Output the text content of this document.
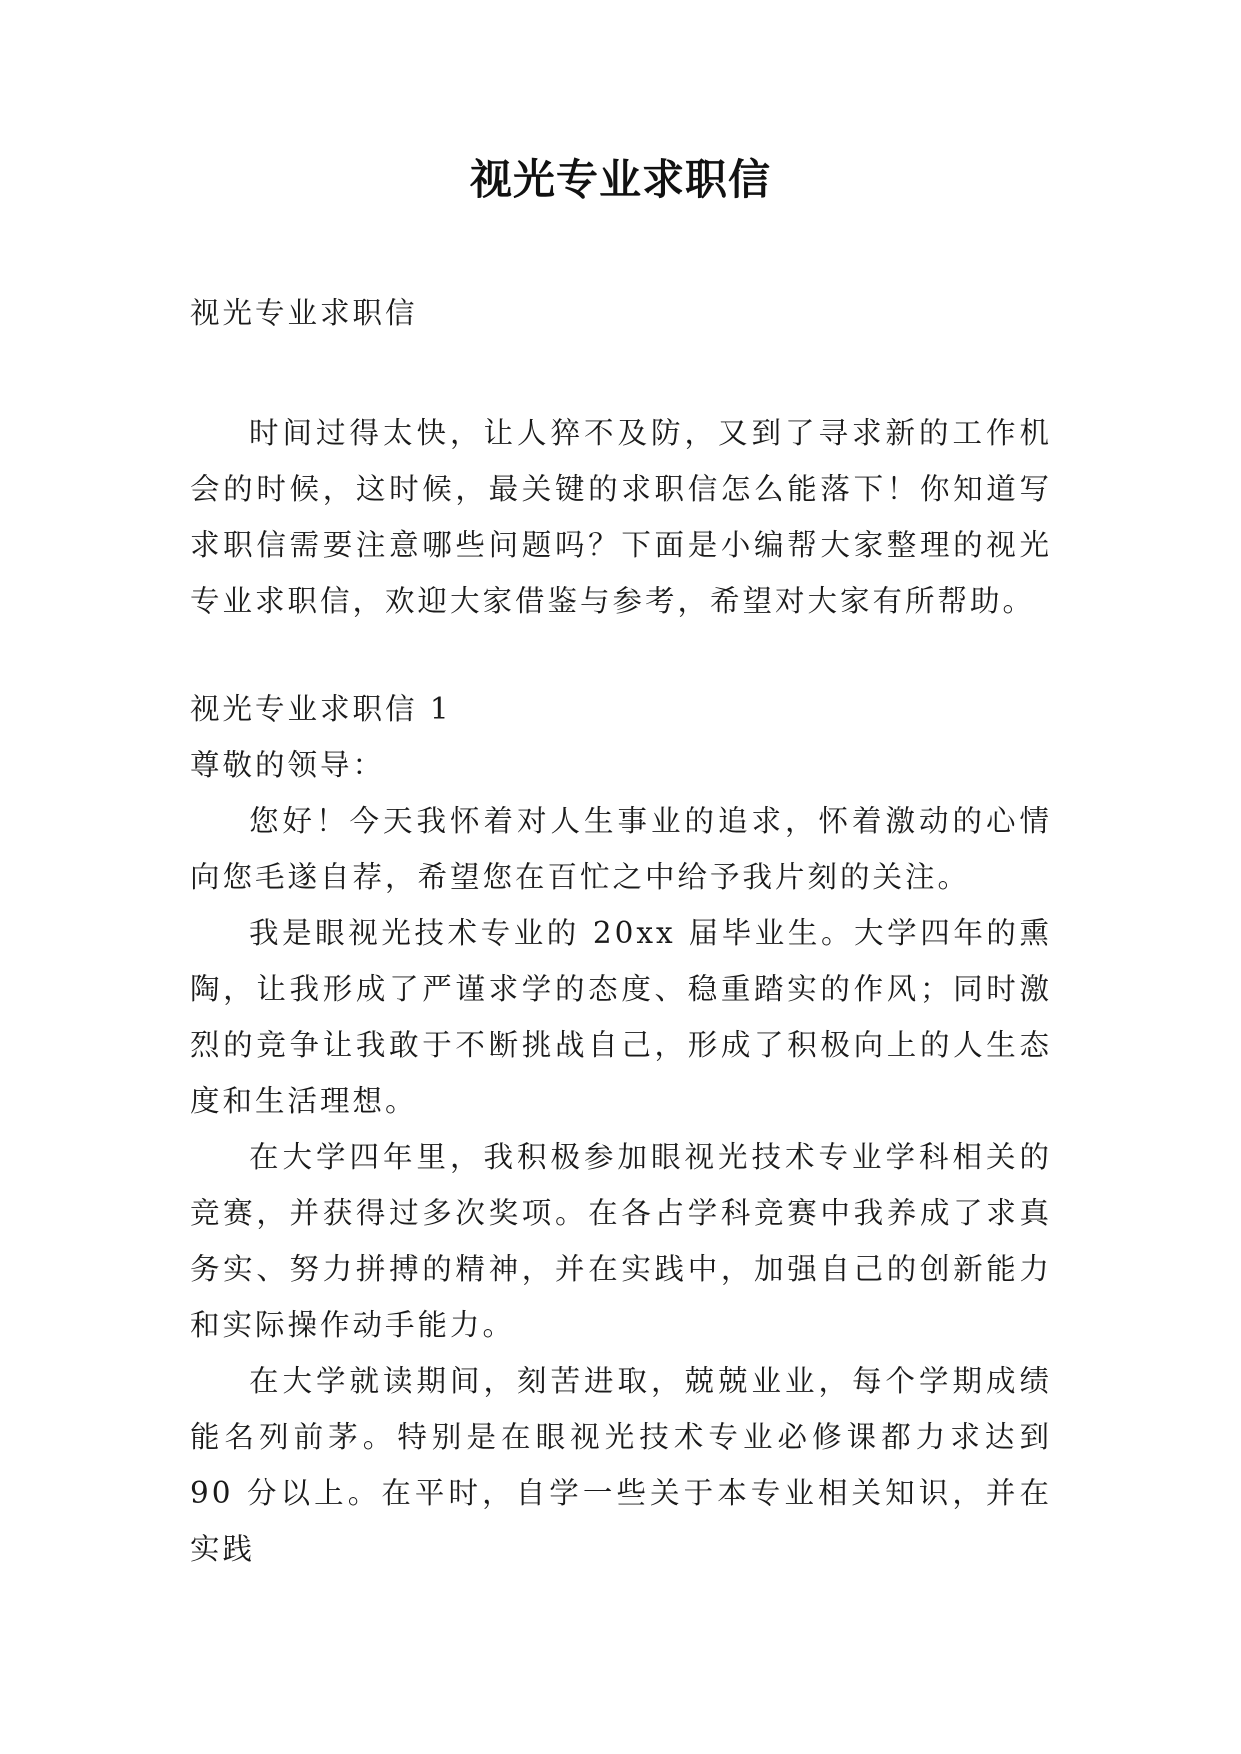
视光专业求职信

视光专业求职信

时间过得太快，让人猝不及防，又到了寻求新的工作机会的时候，这时候，最关键的求职信怎么能落下！你知道写求职信需要注意哪些问题吗？下面是小编帮大家整理的视光专业求职信，欢迎大家借鉴与参考，希望对大家有所帮助。

视光专业求职信 1

尊敬的领导：

您好！今天我怀着对人生事业的追求，怀着激动的心情向您毛遂自荐，希望您在百忙之中给予我片刻的关注。

我是眼视光技术专业的 20xx 届毕业生。大学四年的熏陶，让我形成了严谨求学的态度、稳重踏实的作风；同时激烈的竞争让我敢于不断挑战自己，形成了积极向上的人生态度和生活理想。

在大学四年里，我积极参加眼视光技术专业学科相关的竞赛，并获得过多次奖项。在各占学科竞赛中我养成了求真务实、努力拼搏的精神，并在实践中，加强自己的创新能力和实际操作动手能力。

在大学就读期间，刻苦进取，兢兢业业，每个学期成绩能名列前茅。特别是在眼视光技术专业必修课都力求达到 90 分以上。在平时，自学一些关于本专业相关知识，并在实践
